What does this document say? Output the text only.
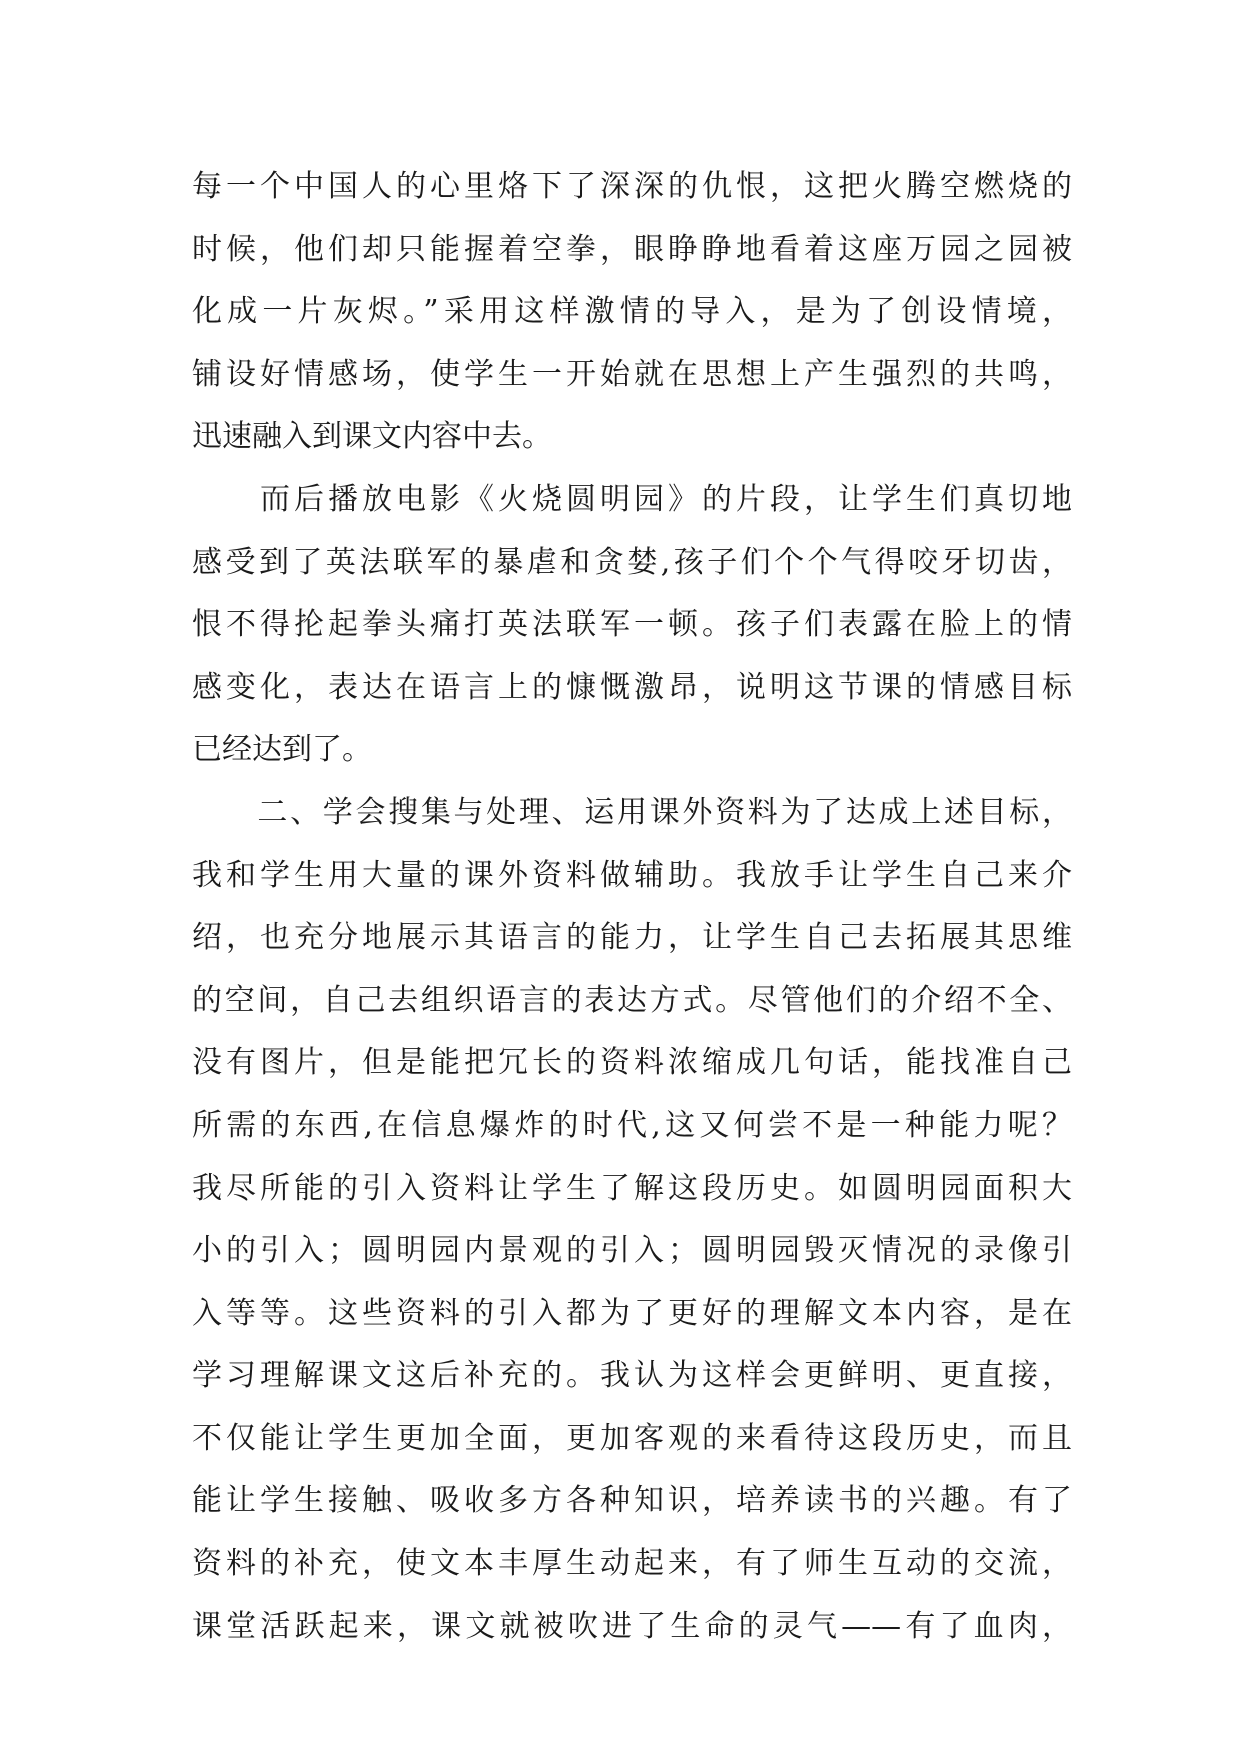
每一个中国人的心里烙下了深深的仇恨，这把火腾空燃烧的
时候，他们却只能握着空拳，眼睁睁地看着这座万园之园被
化成一片灰烬。”采用这样激情的导入，是为了创设情境，
铺设好情感场，使学生一开始就在思想上产生强烈的共鸣，
迅速融入到课文内容中去。
　　而后播放电影《火烧圆明园》的片段，让学生们真切地
感受到了英法联军的暴虐和贪婪,孩子们个个气得咬牙切齿，
恨不得抡起拳头痛打英法联军一顿。孩子们表露在脸上的情
感变化，表达在语言上的慷慨激昂，说明这节课的情感目标
已经达到了。
　　二、学会搜集与处理、运用课外资料为了达成上述目标，
我和学生用大量的课外资料做辅助。我放手让学生自己来介
绍，也充分地展示其语言的能力，让学生自己去拓展其思维
的空间，自己去组织语言的表达方式。尽管他们的介绍不全、
没有图片，但是能把冗长的资料浓缩成几句话，能找准自己
所需的东西,在信息爆炸的时代,这又何尝不是一种能力呢？
我尽所能的引入资料让学生了解这段历史。如圆明园面积大
小的引入；圆明园内景观的引入；圆明园毁灭情况的录像引
入等等。这些资料的引入都为了更好的理解文本内容，是在
学习理解课文这后补充的。我认为这样会更鲜明、更直接，
不仅能让学生更加全面，更加客观的来看待这段历史，而且
能让学生接触、吸收多方各种知识，培养读书的兴趣。有了
资料的补充，使文本丰厚生动起来，有了师生互动的交流，
课堂活跃起来，课文就被吹进了生命的灵气——有了血肉，
